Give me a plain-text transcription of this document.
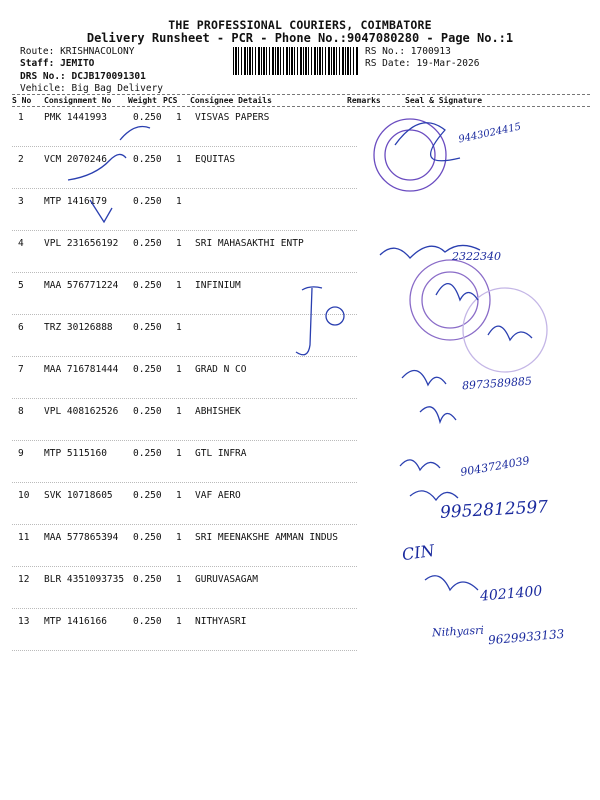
THE PROFESSIONAL COURIERS, COIMBATORE
Delivery Runsheet - PCR - Phone No.:9047080280 - Page No.:1
Route: KRISHNACOLONY
Staff: JEMITO
DRS No.: DCJB170091301
Vehicle: Big Bag Delivery
RS No.: 1700913
RS Date: 19-Mar-2026
S No Consignment No Weight PCS Consignee Details	Remarks	Seal & Signature
1 PMK 1441993	0.250 1 VISVAS PAPERS
2 VCM 2070246	0.250 1 EQUITAS
3 MTP 1416179	0.250 1
4 VPL 231656192 0.250 1 SRI MAHASAKTHI ENTP
5 MAA 576771224 0.250 1 INFINIUM
6 TRZ 30126888 0.250 1
7 MAA 716781444 0.250 1 GRAD N CO
8 VPL 408162526 0.250 1 ABHISHEK
9 MTP 5115160	0.250 1 GTL INFRA
10 SVK 10718605 0.250 1 VAF AERO
11 MAA 577865394 0.250 1 SRI MEENAKSHE AMMAN INDUS
12 BLR 4351093735 0.250 1 GURUVASAGAM
13 MTP 1416166	0.250 1 NITHYASRI
9443024415
2322340
8973589885
9043724039
9952812597
CIN
4021400
Nithyasri 9629933133
